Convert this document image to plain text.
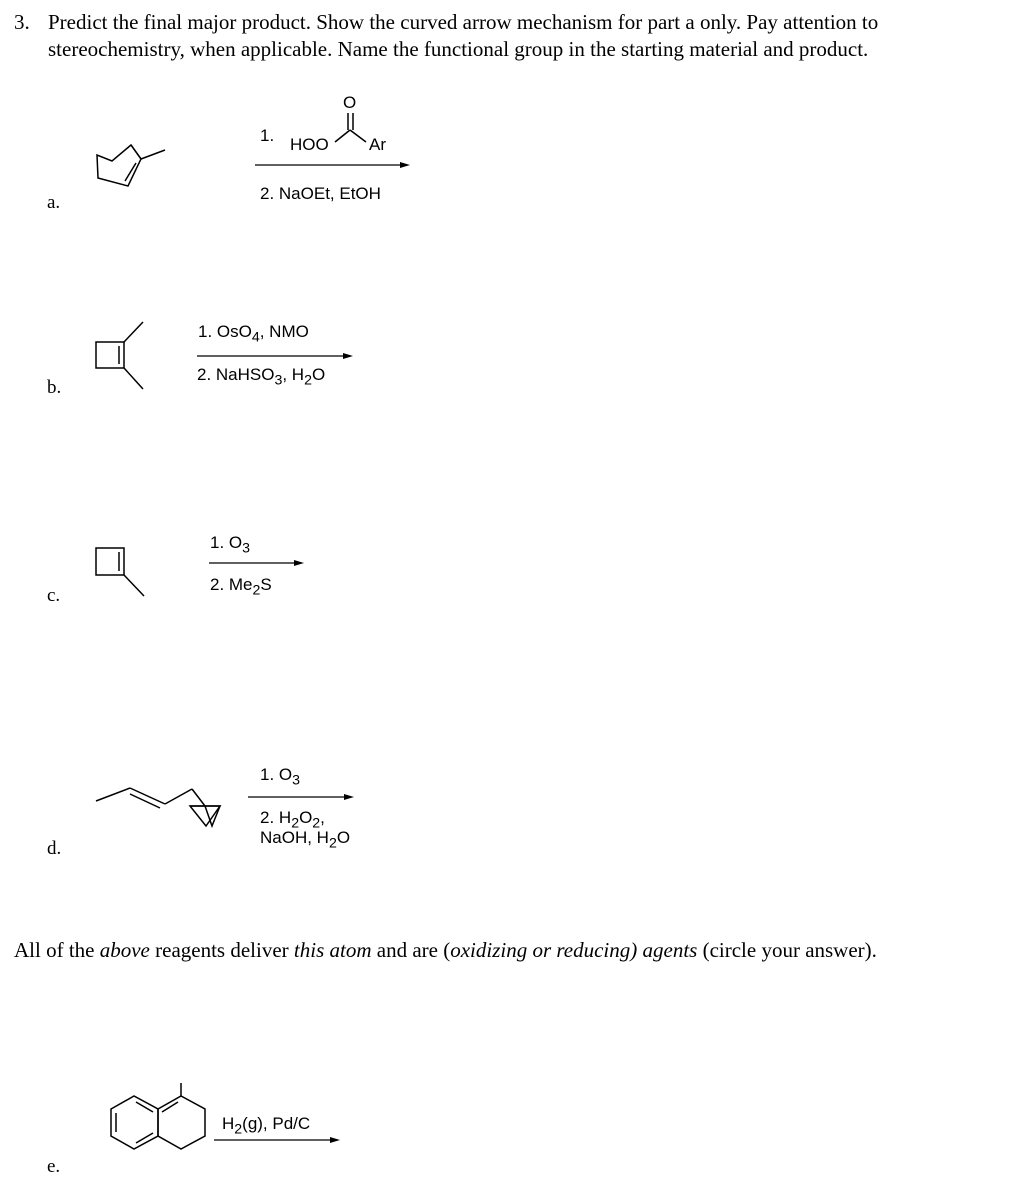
3. Predict the final major product. Show the curved arrow mechanism for part a only. Pay attention to
stereochemistry, when applicable. Name the functional group in the starting material and product.
a.
1. HOO Ar
O
2. NaOEt, EtOH
b.
1. OsO$_4$, NMO
2. NaHSO$_3$, $H_2O$
c.
1. $O_3$
2. $Me_2S$
d.
1. $O_3$
2. $H_2O_2$,
NaOH, $H_2O$
All of the above reagents deliver this atom and are (oxidizing or reducing) agents (circle your answer).
e.
$H_2(g)$, Pd/C
